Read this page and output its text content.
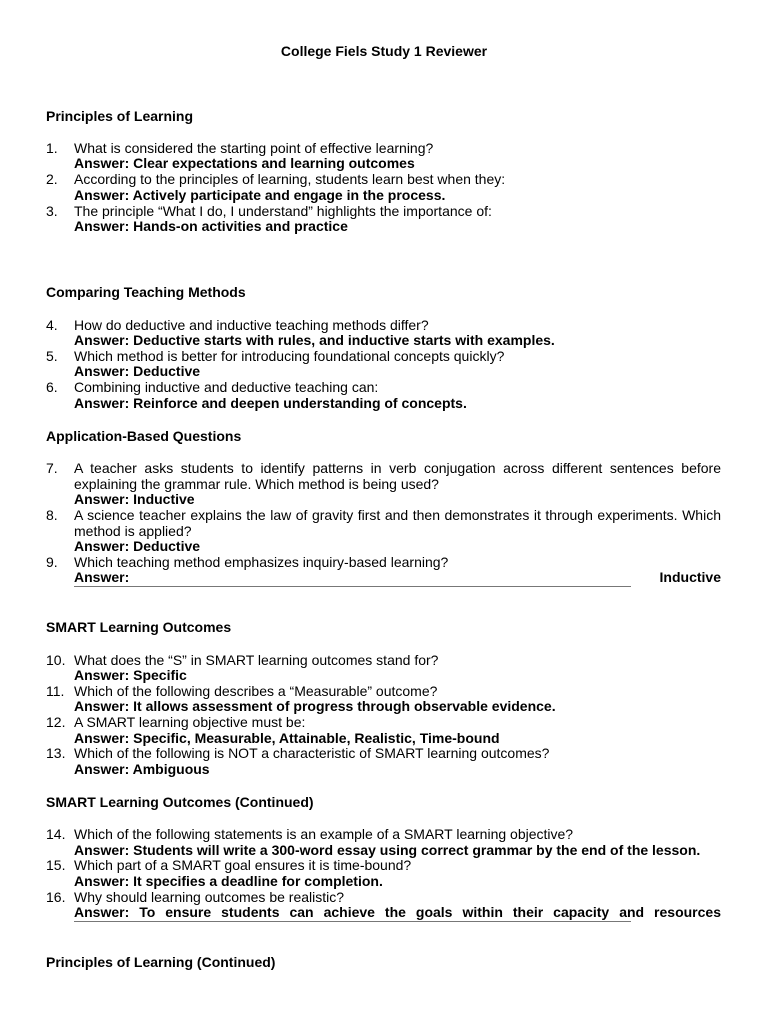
College Fiels Study 1 Reviewer
Principles of Learning
1.	What is considered the starting point of effective learning?
Answer: Clear expectations and learning outcomes
2.	According to the principles of learning, students learn best when they:
Answer: Actively participate and engage in the process.
3.	The principle “What I do, I understand” highlights the importance of:
Answer: Hands-on activities and practice
Comparing Teaching Methods
4.	How do deductive and inductive teaching methods differ?
Answer: Deductive starts with rules, and inductive starts with examples.
5.	Which method is better for introducing foundational concepts quickly?
Answer: Deductive
6.	Combining inductive and deductive teaching can:
Answer: Reinforce and deepen understanding of concepts.
Application-Based Questions
7.	A teacher asks students to identify patterns in verb conjugation across different sentences before explaining the grammar rule. Which method is being used?
Answer: Inductive
8.	A science teacher explains the law of gravity first and then demonstrates it through experiments. Which method is applied?
Answer: Deductive
9.	Which teaching method emphasizes inquiry-based learning?
Answer:	Inductive
SMART Learning Outcomes
10. What does the “S” in SMART learning outcomes stand for?
Answer: Specific
11. Which of the following describes a “Measurable” outcome?
Answer: It allows assessment of progress through observable evidence.
12. A SMART learning objective must be:
Answer: Specific, Measurable, Attainable, Realistic, Time-bound
13. Which of the following is NOT a characteristic of SMART learning outcomes?
Answer: Ambiguous
SMART Learning Outcomes (Continued)
14. Which of the following statements is an example of a SMART learning objective?
Answer: Students will write a 300-word essay using correct grammar by the end of the lesson.
15. Which part of a SMART goal ensures it is time-bound?
Answer: It specifies a deadline for completion.
16. Why should learning outcomes be realistic?
Answer: To ensure students can achieve the goals within their capacity and resources
Principles of Learning (Continued)
